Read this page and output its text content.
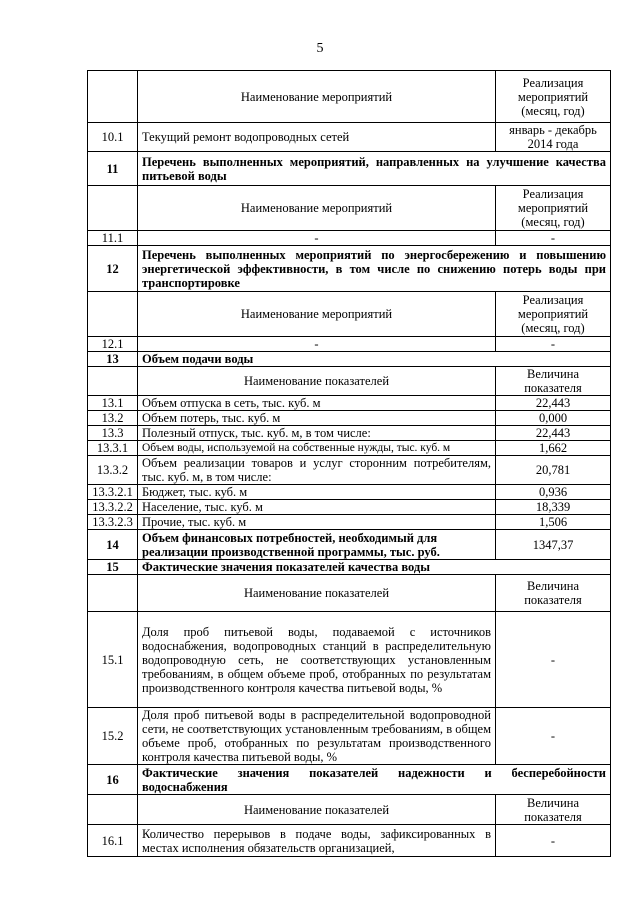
5
	Наименование мероприятий	Реализация мероприятий (месяц, год)
10.1	Текущий ремонт водопроводных сетей	январь - декабрь 2014 года
11	Перечень выполненных мероприятий, направленных на улучшение качества питьевой воды	
	Наименование мероприятий	Реализация мероприятий (месяц, год)
11.1	-	-
12	Перечень выполненных мероприятий по энергосбережению и повышению энергетической эффективности, в том числе по снижению потерь воды при транспортировке	
	Наименование мероприятий	Реализация мероприятий (месяц, год)
12.1	-	-
13	Объем подачи воды	
	Наименование показателей	Величина показателя
13.1	Объем отпуска в сеть, тыс. куб. м	22,443
13.2	Объем потерь, тыс. куб. м	0,000
13.3	Полезный отпуск, тыс. куб. м, в том числе:	22,443
13.3.1	Объем воды, используемой на собственные нужды, тыс. куб. м	1,662
13.3.2	Объем реализации товаров и услуг сторонним потребителям, тыс. куб. м, в том числе:	20,781
13.3.2.1	Бюджет, тыс. куб. м	0,936
13.3.2.2	Население, тыс. куб. м	18,339
13.3.2.3	Прочие, тыс. куб. м	1,506
14	Объем финансовых потребностей, необходимый для реализации производственной программы, тыс. руб.	1347,37
15	Фактические значения показателей качества воды	
	Наименование показателей	Величина показателя
15.1	Доля проб питьевой воды, подаваемой с источников водоснабжения, водопроводных станций в распределительную водопроводную сеть, не соответствующих установленным требованиям, в общем объеме проб, отобранных по результатам производственного контроля качества питьевой воды, %	-
15.2	Доля проб питьевой воды в распределительной водопроводной сети, не соответствующих установленным требованиям, в общем объеме проб, отобранных по результатам производственного контроля качества питьевой воды, %	-
16	Фактические значения показателей надежности и бесперебойности водоснабжения	
	Наименование показателей	Величина показателя
16.1	Количество перерывов в подаче воды, зафиксированных в местах исполнения обязательств организацией,	-
